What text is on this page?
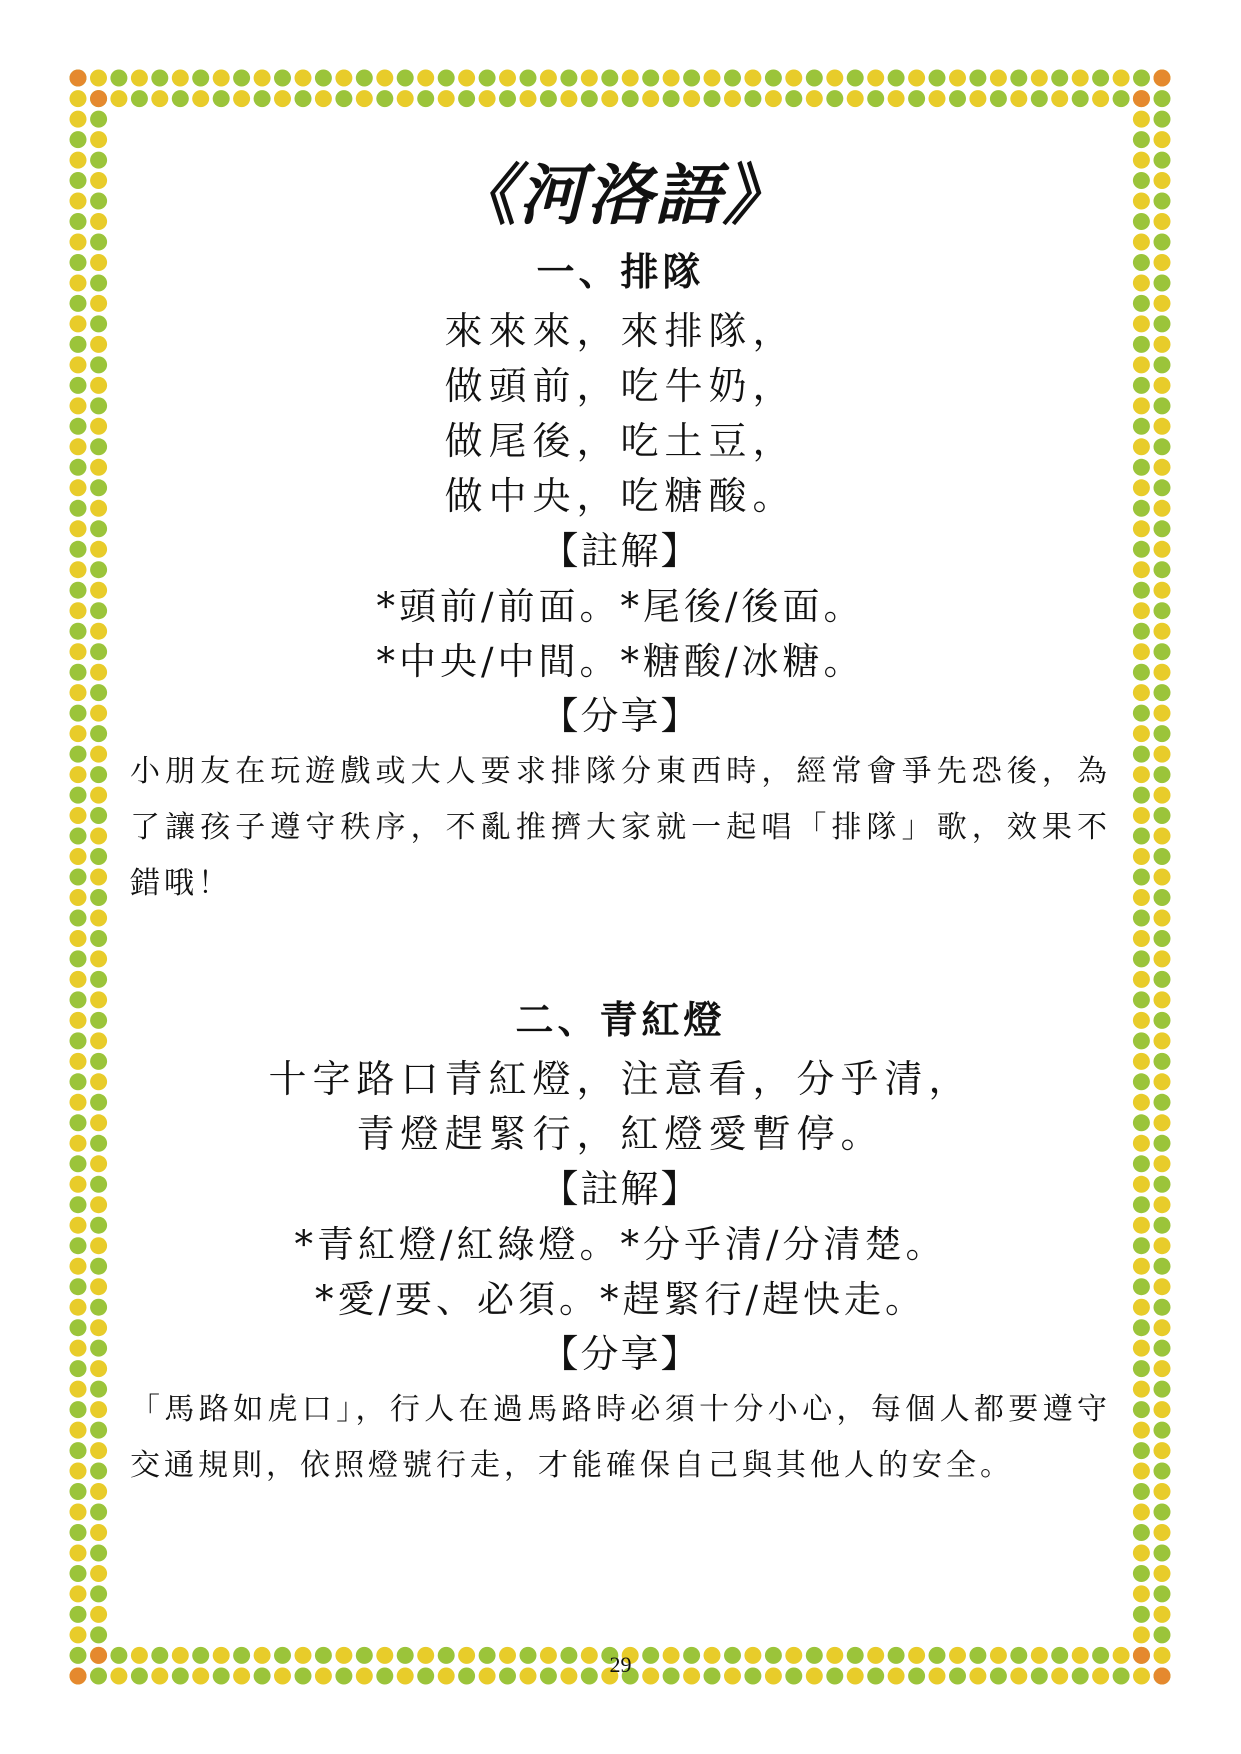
《河洛語》
一、排隊
來來來，來排隊，
做頭前，吃牛奶，
做尾後，吃土豆，
做中央，吃糖酸。
【註解】
*頭前/前面。*尾後/後面。
*中央/中間。*糖酸/冰糖。
【分享】

小朋友在玩遊戲或大人要求排隊分東西時，經常會爭先恐後，為了讓孩子遵守秩序，不亂推擠大家就一起唱「排隊」歌，效果不錯哦！

二、青紅燈
十字路口青紅燈，注意看，分乎清，
青燈趕緊行，紅燈愛暫停。
【註解】
*青紅燈/紅綠燈。*分乎清/分清楚。
*愛/要、必須。*趕緊行/趕快走。
【分享】

「馬路如虎口」，行人在過馬路時必須十分小心，每個人都要遵守交通規則，依照燈號行走，才能確保自己與其他人的安全。

29
